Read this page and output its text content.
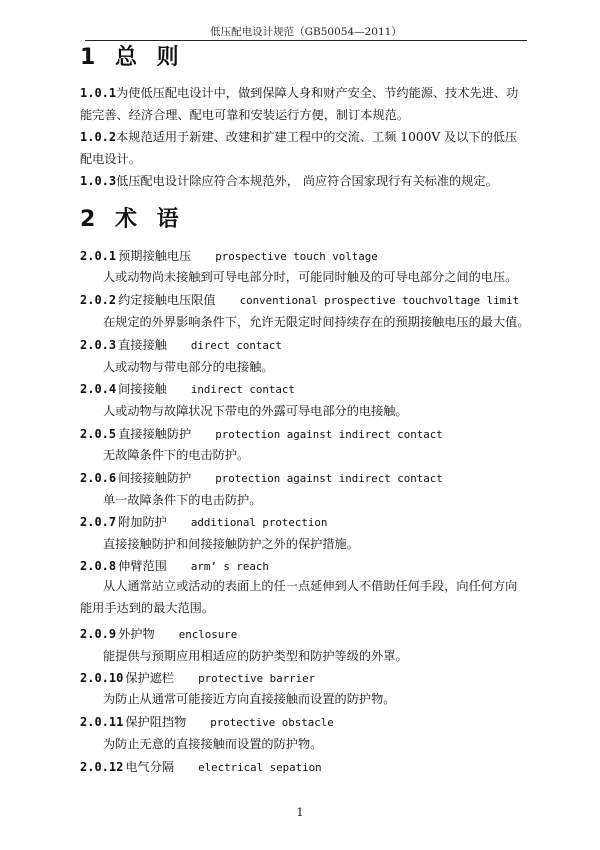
低压配电设计规范（GB50054—2011）
1 总 则
1.0.1为使低压配电设计中，做到保障人身和财产安全、节约能源、技术先进、功能完善、经济合理、配电可靠和安装运行方便，制订本规范。
1.0.2本规范适用于新建、改建和扩建工程中的交流、工频 1000V 及以下的低压配电设计。
1.0.3低压配电设计除应符合本规范外， 尚应符合国家现行有关标准的规定。
2 术 语
2.0.1 预期接触电压 prospective touch voltage
人或动物尚未接触到可导电部分时，可能同时触及的可导电部分之间的电压。
2.0.2 约定接触电压限值 conventional prospective touchvoltage limit
在规定的外界影响条件下，允许无限定时间持续存在的预期接触电压的最大值。
2.0.3 直接接触 direct contact
人或动物与带电部分的电接触。
2.0.4 间接接触 indirect contact
人或动物与故障状况下带电的外露可导电部分的电接触。
2.0.5 直接接触防护 protection against indirect contact
无故障条件下的电击防护。
2.0.6 间接接触防护 protection against indirect contact
单一故障条件下的电击防护。
2.0.7 附加防护 additional protection
直接接触防护和间接接触防护之外的保护措施。
2.0.8 伸臂范围 arm’ s reach
从人通常站立或活动的表面上的任一点延伸到人不借助任何手段，向任何方向能用手达到的最大范围。
2.0.9 外护物 enclosure
能提供与预期应用相适应的防护类型和防护等级的外罩。
2.0.10 保护遮栏 protective barrier
为防止从通常可能接近方向直接接触而设置的防护物。
2.0.11 保护阻挡物 protective obstacle
为防止无意的直接接触而设置的防护物。
2.0.12 电气分隔 electrical sepation
1
